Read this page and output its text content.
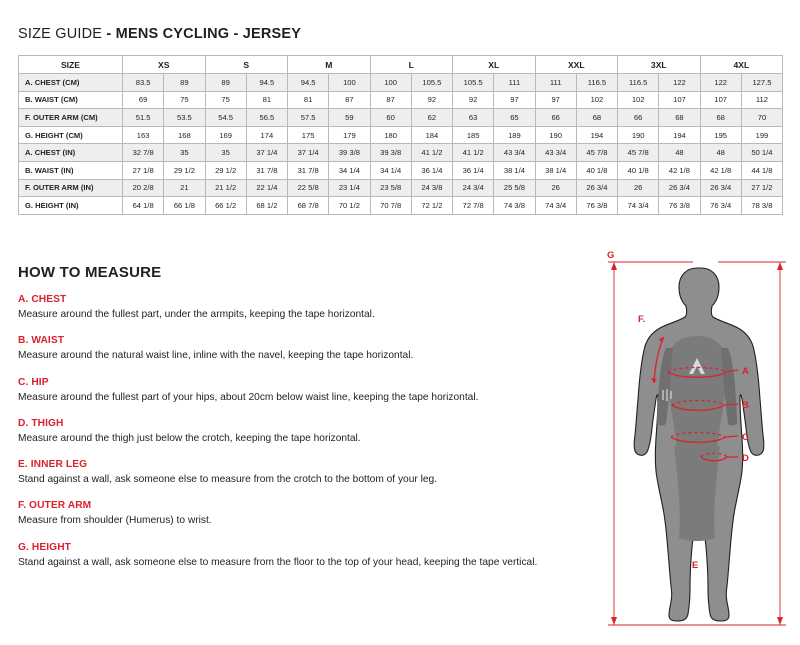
SIZE GUIDE - MENS CYCLING - JERSEY
SIZE	XS		S		M		L		XL		XXL		3XL		4XL	
A. CHEST (CM)	83.5	89	89	94.5	94.5	100	100	105.5	105.5	111	111	116.5	116.5	122	122	127.5
B. WAIST (CM)	69	75	75	81	81	87	87	92	92	97	97	102	102	107	107	112
F. OUTER ARM (CM)	51.5	53.5	54.5	56.5	57.5	59	60	62	63	65	66	68	66	68	68	70
G. HEIGHT (CM)	163	168	169	174	175	179	180	184	185	189	190	194	190	194	195	199
A. CHEST (IN)	32 7/8	35	35	37 1/4	37 1/4	39 3/8	39 3/8	41 1/2	41 1/2	43 3/4	43 3/4	45 7/8	45 7/8	48	48	50 1/4
B. WAIST (IN)	27 1/8	29 1/2	29 1/2	31 7/8	31 7/8	34 1/4	34 1/4	36 1/4	36 1/4	38 1/4	38 1/4	40 1/8	40 1/8	42 1/8	42 1/8	44 1/8
F. OUTER ARM (IN)	20 2/8	21	21 1/2	22 1/4	22 5/8	23 1/4	23 5/8	24 3/8	24 3/4	25 5/8	26	26 3/4	26	26 3/4	26 3/4	27 1/2
G. HEIGHT (IN)	64 1/8	66 1/8	66 1/2	68 1/2	68 7/8	70 1/2	70 7/8	72 1/2	72 7/8	74 3/8	74 3/4	76 3/8	74 3/4	76 3/8	76 3/4	78 3/8
HOW TO MEASURE
A. CHEST
Measure around the fullest part, under the armpits, keeping the tape horizontal.
B. WAIST
Measure around the natural waist line, inline with the navel, keeping the tape horizontal.
C. HIP
Measure around the fullest part of your hips, about 20cm below waist line, keeping the tape horizontal.
D. THIGH
Measure around the thigh just below the crotch, keeping the tape horizontal.
E. INNER LEG
Stand against a wall, ask someone else to measure from the crotch to the bottom of your leg.
F. OUTER ARM
Measure from shoulder (Humerus) to wrist.
G. HEIGHT
Stand against a wall, ask someone else to measure from the floor to the top of your head, keeping the tape vertical.
G
F.
A
B
C
D
E
